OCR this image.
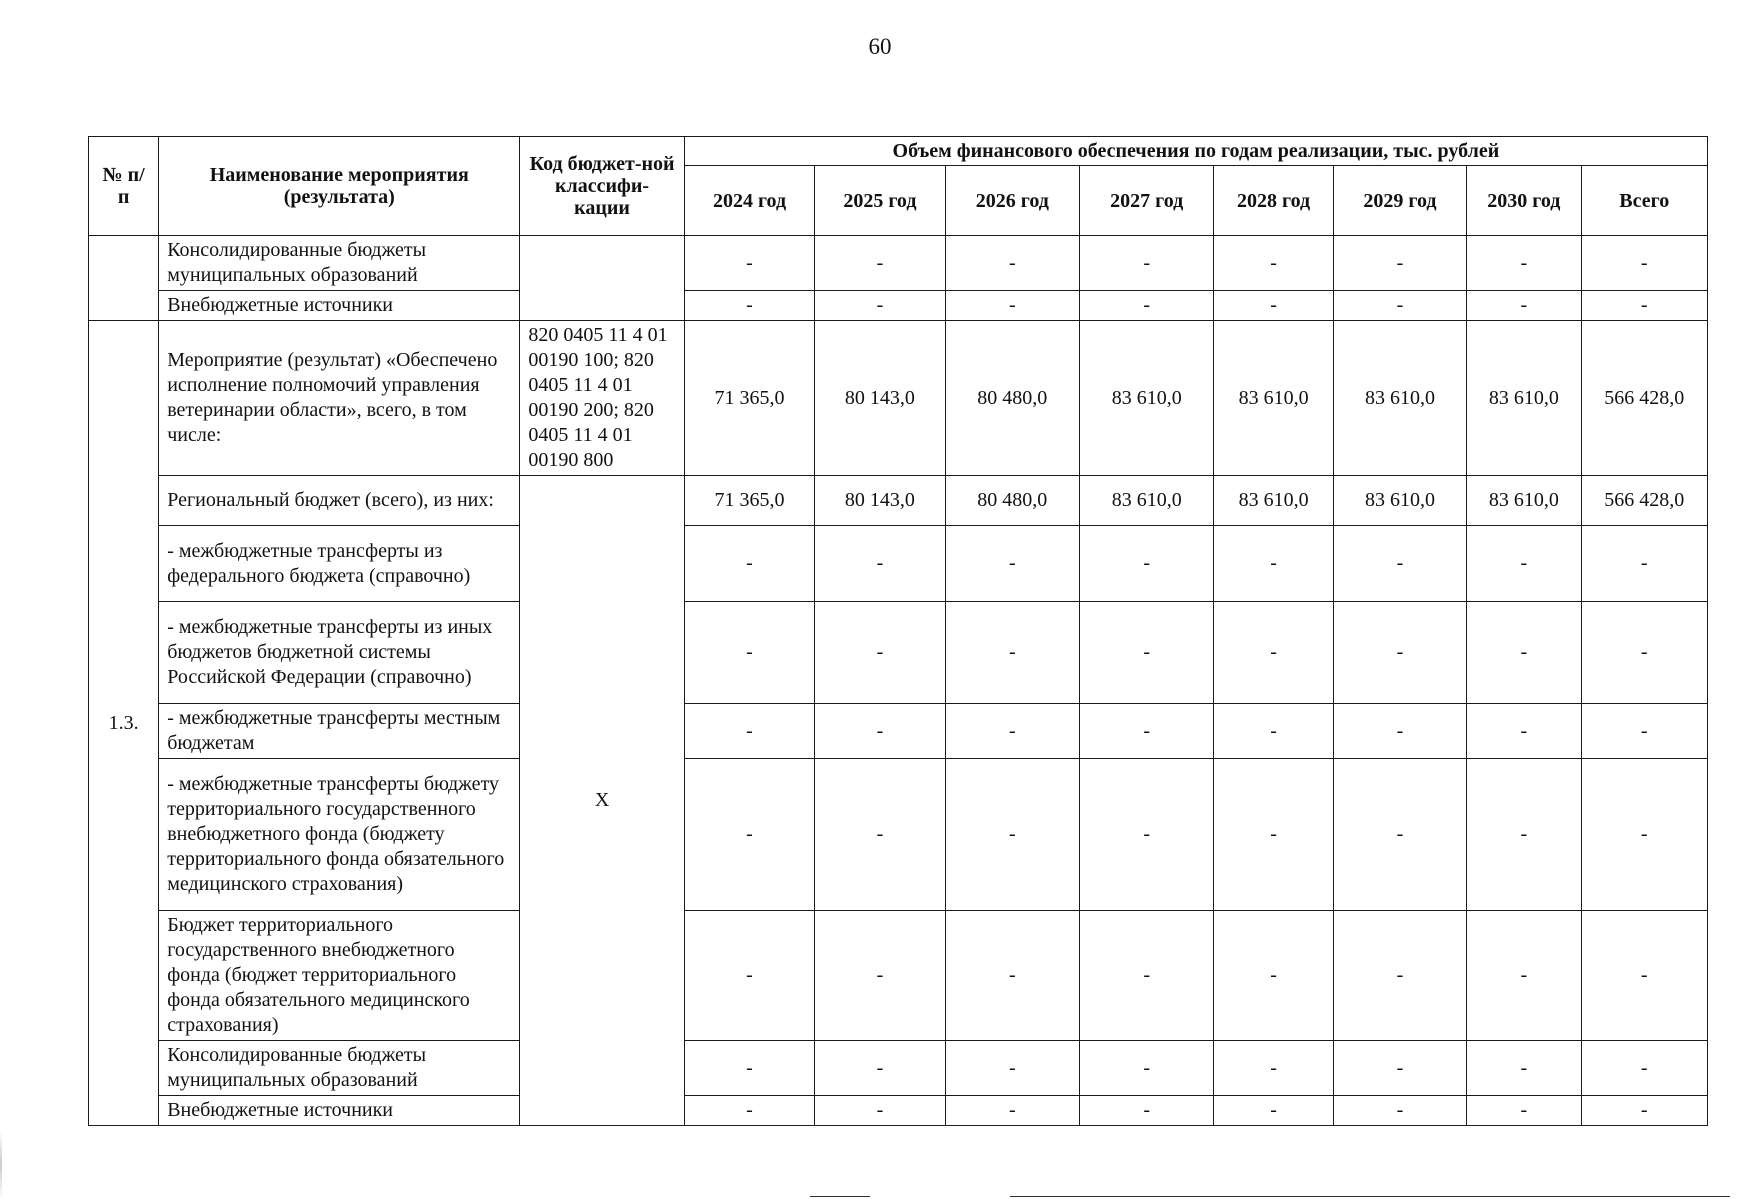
60
№ п/п	Наименование мероприятия (результата)	Код бюджет-ной классифи-кации	Объем финансового обеспечения по годам реализации, тыс. рублей							
			2024 год	2025 год	2026 год	2027 год	2028 год	2029 год	2030 год	Всего
	Консолидированные бюджеты муниципальных образований		-	-	-	-	-	-	-	-
	Внебюджетные источники		-	-	-	-	-	-	-	-
1.3.	Мероприятие (результат) «Обеспечено исполнение полномочий управления ветеринарии области», всего, в том числе:	820 0405 11 4 01 00190 100; 820 0405 11 4 01 00190 200; 820 0405 11 4 01 00190 800	71 365,0	80 143,0	80 480,0	83 610,0	83 610,0	83 610,0	83 610,0	566 428,0
	Региональный бюджет (всего), из них:	X	71 365,0	80 143,0	80 480,0	83 610,0	83 610,0	83 610,0	83 610,0	566 428,0
	- межбюджетные трансферты из федерального бюджета (справочно)		-	-	-	-	-	-	-	-
	- межбюджетные трансферты из иных бюджетов бюджетной системы Российской Федерации (справочно)		-	-	-	-	-	-	-	-
	- межбюджетные трансферты местным бюджетам		-	-	-	-	-	-	-	-
	- межбюджетные трансферты бюджету территориального государственного внебюджетного фонда (бюджету территориального фонда обязательного медицинского страхования)		-	-	-	-	-	-	-	-
	Бюджет территориального государственного внебюджетного фонда (бюджет территориального фонда обязательного медицинского страхования)		-	-	-	-	-	-	-	-
	Консолидированные бюджеты муниципальных образований		-	-	-	-	-	-	-	-
	Внебюджетные источники		-	-	-	-	-	-	-	-
